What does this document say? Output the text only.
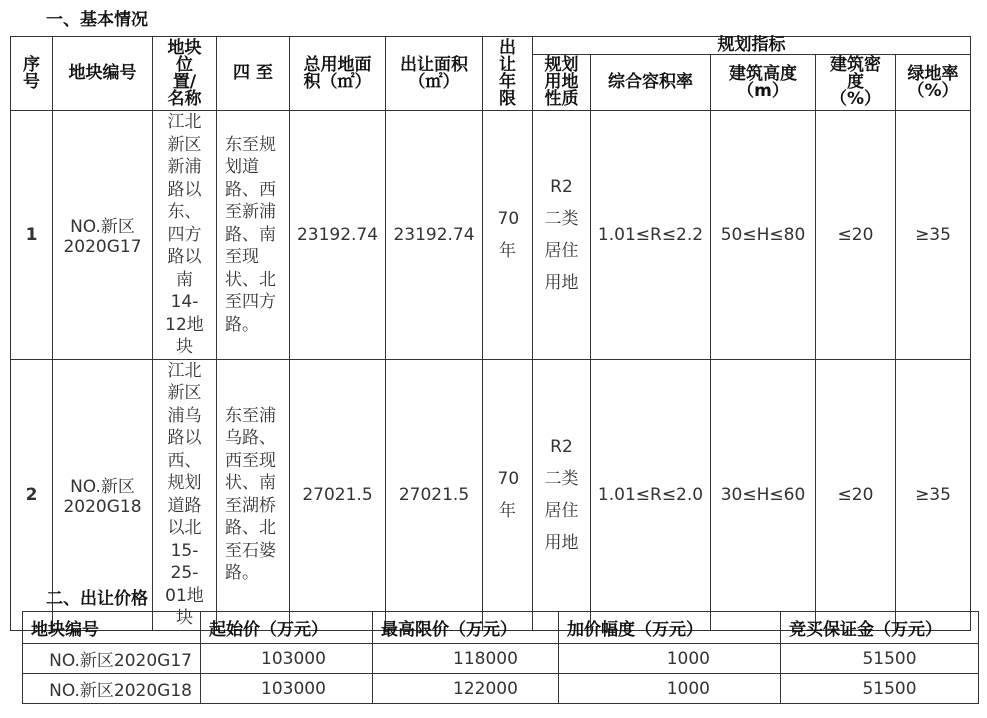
一、基本情况
序号	地块编号	地块位置/名称	四 至	总用地面积（㎡）	出让面积（㎡）	出让年限	规划指标				

							规划用地性质	综合容积率	建筑高度（m）	建筑密度（%）	绿地率（%）

1	NO.新区2020G17	江北新区新浦路以东、四方路以南14-12地块	东至规划道路、西至新浦路、南至现状、北至四方路。	23192.74	23192.74	70年	R2二类居住用地	1.01≤R≤2.2	50≤H≤80	≤20	≥35
2	NO.新区2020G18	江北新区浦乌路以西、规划道路以北15-25-01地块	东至浦乌路、西至现状、南至湖桥路、北至石婆路。	27021.5	27021.5	70年	R2二类居住用地	1.01≤R≤2.0	30≤H≤60	≤20	≥35
二、出让价格
地块编号	起始价（万元）	最高限价（万元）	加价幅度（万元）	竞买保证金（万元）
NO.新区2020G17	103000	118000	1000	51500
NO.新区2020G18	103000	122000	1000	51500
